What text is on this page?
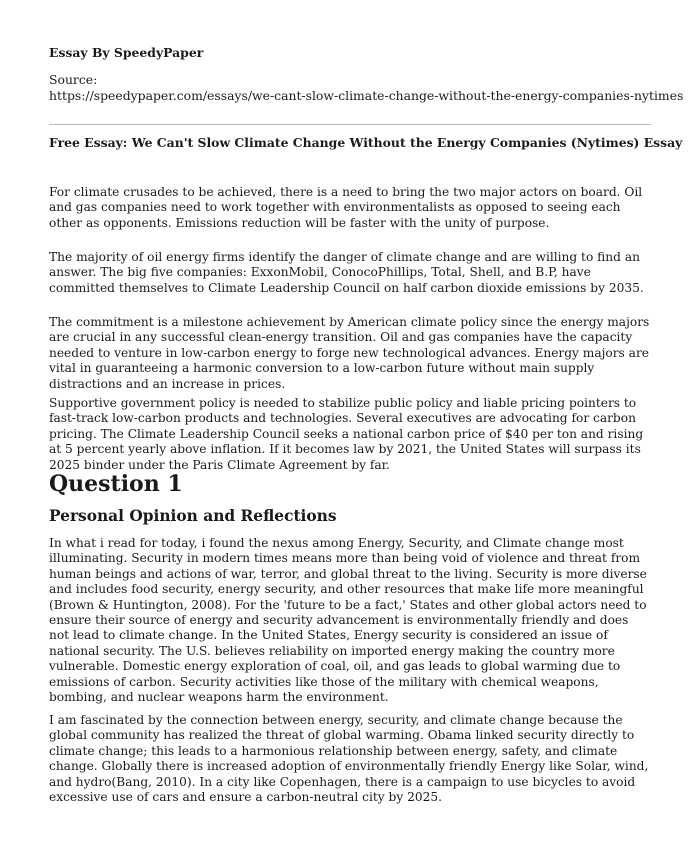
Essay By SpeedyPaper
Source:
https://speedypaper.com/essays/we-cant-slow-climate-change-without-the-energy-companies-nytimes
Free Essay: We Can't Slow Climate Change Without the Energy Companies (Nytimes) Essay

For climate crusades to be achieved, there is a need to bring the two major actors on board. Oil and gas companies need to work together with environmentalists as opposed to seeing each other as opponents. Emissions reduction will be faster with the unity of purpose.

The majority of oil energy firms identify the danger of climate change and are willing to find an answer. The big five companies: ExxonMobil, ConocoPhillips, Total, Shell, and B.P, have committed themselves to Climate Leadership Council on half carbon dioxide emissions by 2035.

The commitment is a milestone achievement by American climate policy since the energy majors are crucial in any successful clean-energy transition. Oil and gas companies have the capacity needed to venture in low-carbon energy to forge new technological advances. Energy majors are vital in guaranteeing a harmonic conversion to a low-carbon future without main supply distractions and an increase in prices.

Supportive government policy is needed to stabilize public policy and liable pricing pointers to fast-track low-carbon products and technologies. Several executives are advocating for carbon pricing. The Climate Leadership Council seeks a national carbon price of $40 per ton and rising at 5 percent yearly above inflation. If it becomes law by 2021, the United States will surpass its 2025 binder under the Paris Climate Agreement by far.

Question 1
Personal Opinion and Reflections

In what i read for today, i found the nexus among Energy, Security, and Climate change most illuminating. Security in modern times means more than being void of violence and threat from human beings and actions of war, terror, and global threat to the living. Security is more diverse and includes food security, energy security, and other resources that make life more meaningful (Brown & Huntington, 2008). For the 'future to be a fact,' States and other global actors need to ensure their source of energy and security advancement is environmentally friendly and does not lead to climate change. In the United States, Energy security is considered an issue of national security. The U.S. believes reliability on imported energy making the country more vulnerable. Domestic energy exploration of coal, oil, and gas leads to global warming due to emissions of carbon. Security activities like those of the military with chemical weapons, bombing, and nuclear weapons harm the environment.

I am fascinated by the connection between energy, security, and climate change because the global community has realized the threat of global warming. Obama linked security directly to climate change; this leads to a harmonious relationship between energy, safety, and climate change. Globally there is increased adoption of environmentally friendly Energy like Solar, wind, and hydro(Bang, 2010). In a city like Copenhagen, there is a campaign to use bicycles to avoid excessive use of cars and ensure a carbon-neutral city by 2025.
